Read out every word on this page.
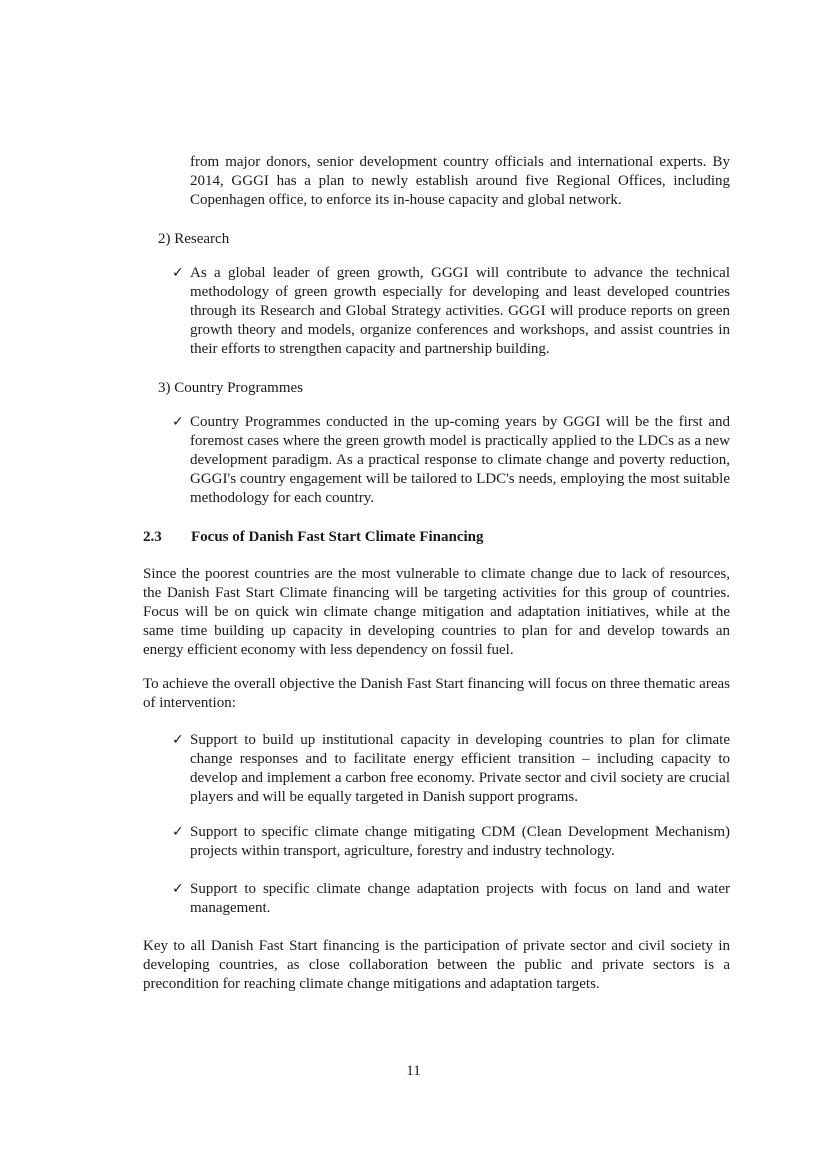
from major donors, senior development country officials and international experts. By 2014, GGGI has a plan to newly establish around five Regional Offices, including Copenhagen office, to enforce its in-house capacity and global network.

2) Research
✓ As a global leader of green growth, GGGI will contribute to advance the technical methodology of green growth especially for developing and least developed countries through its Research and Global Strategy activities. GGGI will produce reports on green growth theory and models, organize conferences and workshops, and assist countries in their efforts to strengthen capacity and partnership building.

3) Country Programmes
✓ Country Programmes conducted in the up-coming years by GGGI will be the first and foremost cases where the green growth model is practically applied to the LDCs as a new development paradigm. As a practical response to climate change and poverty reduction, GGGI's country engagement will be tailored to LDC's needs, employing the most suitable methodology for each country.

2.3 Focus of Danish Fast Start Climate Financing

Since the poorest countries are the most vulnerable to climate change due to lack of resources, the Danish Fast Start Climate financing will be targeting activities for this group of countries. Focus will be on quick win climate change mitigation and adaptation initiatives, while at the same time building up capacity in developing countries to plan for and develop towards an energy efficient economy with less dependency on fossil fuel.

To achieve the overall objective the Danish Fast Start financing will focus on three thematic areas of intervention:

✓ Support to build up institutional capacity in developing countries to plan for climate change responses and to facilitate energy efficient transition – including capacity to develop and implement a carbon free economy. Private sector and civil society are crucial players and will be equally targeted in Danish support programs.

✓ Support to specific climate change mitigating CDM (Clean Development Mechanism) projects within transport, agriculture, forestry and industry technology.

✓ Support to specific climate change adaptation projects with focus on land and water management.

Key to all Danish Fast Start financing is the participation of private sector and civil society in developing countries, as close collaboration between the public and private sectors is a precondition for reaching climate change mitigations and adaptation targets.

11
